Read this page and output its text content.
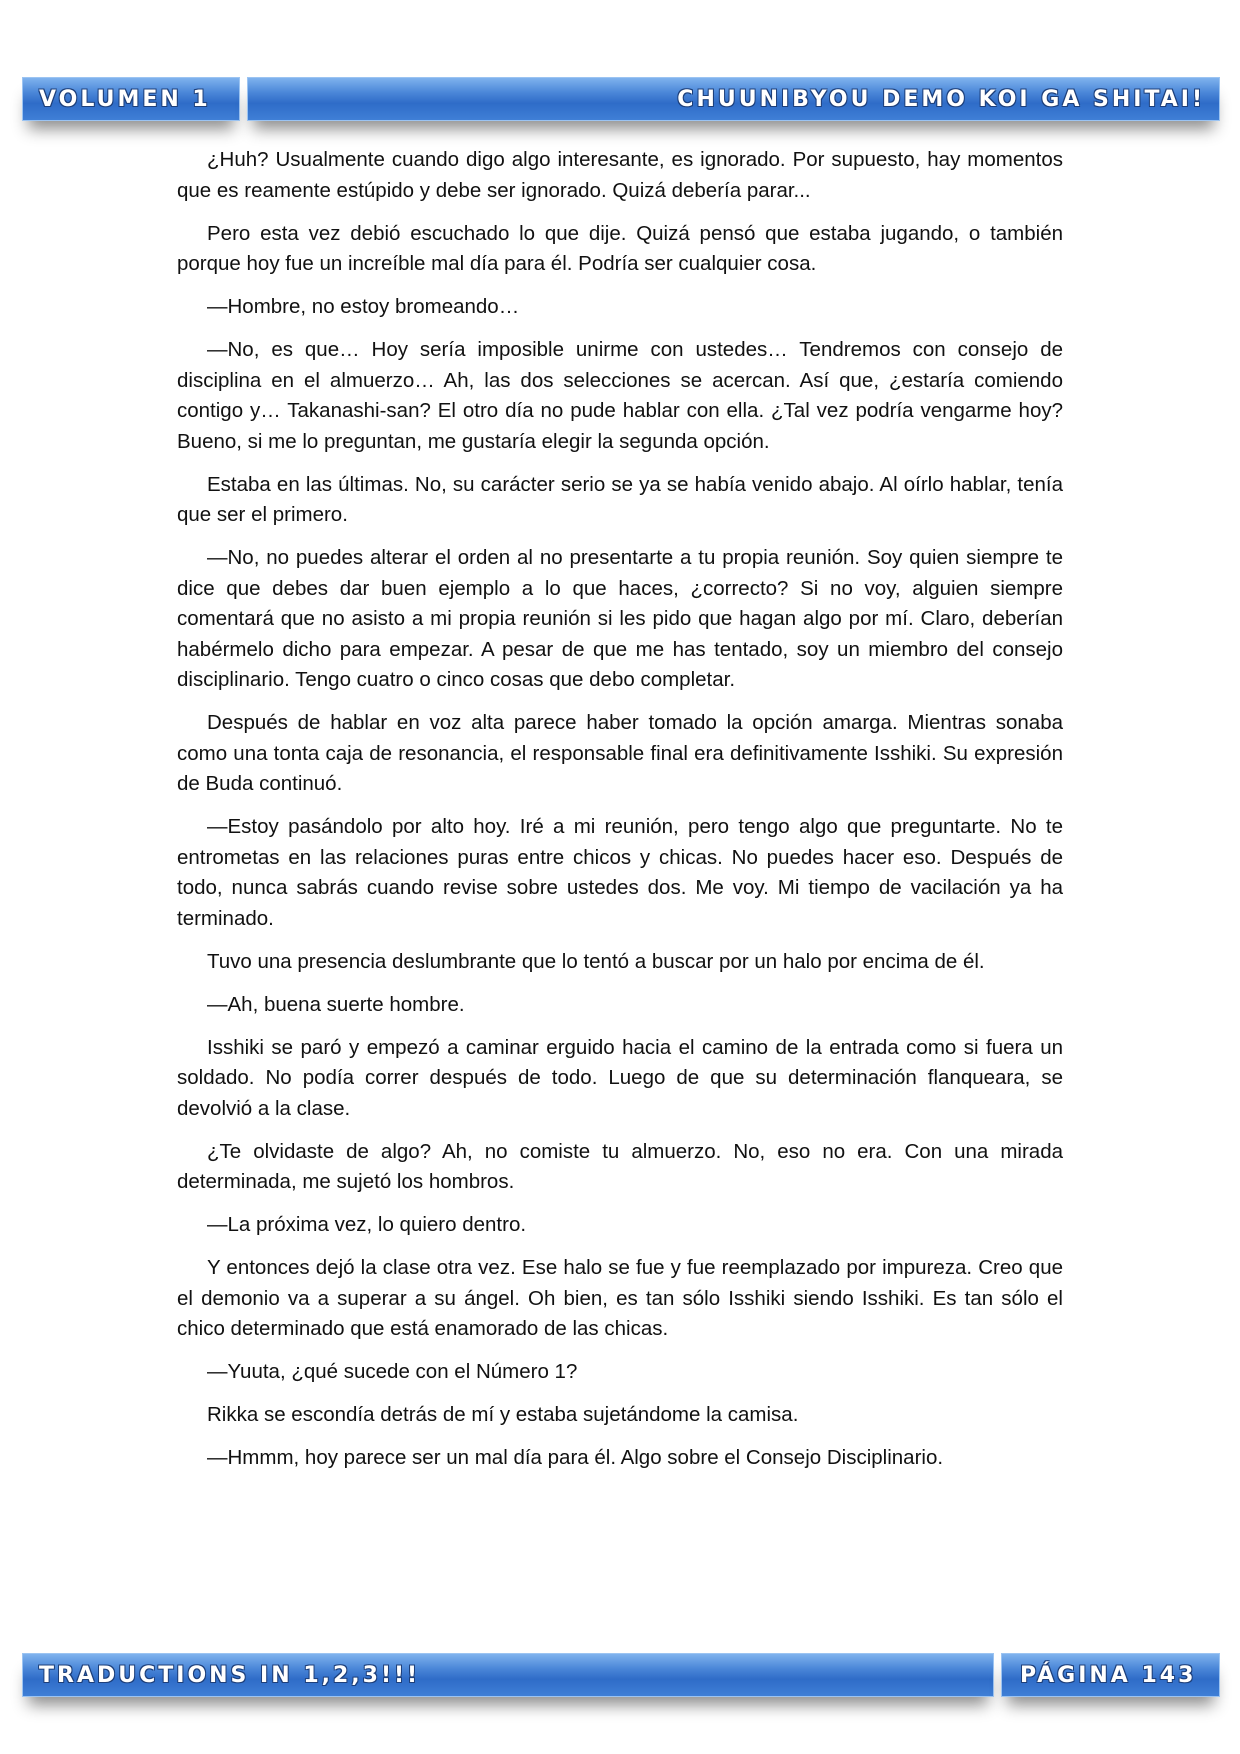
VOLUMEN 1	CHUUNIBYOU DEMO KOI GA SHITAI!

¿Huh? Usualmente cuando digo algo interesante, es ignorado. Por supuesto, hay momentos que es reamente estúpido y debe ser ignorado. Quizá debería parar...

Pero esta vez debió escuchado lo que dije. Quizá pensó que estaba jugando, o también porque hoy fue un increíble mal día para él. Podría ser cualquier cosa.

—Hombre, no estoy bromeando…

—No, es que… Hoy sería imposible unirme con ustedes… Tendremos con consejo de disciplina en el almuerzo… Ah, las dos selecciones se acercan. Así que, ¿estaría comiendo contigo y… Takanashi-san? El otro día no pude hablar con ella. ¿Tal vez podría vengarme hoy? Bueno, si me lo preguntan, me gustaría elegir la segunda opción.

Estaba en las últimas. No, su carácter serio se ya se había venido abajo. Al oírlo hablar, tenía que ser el primero.

—No, no puedes alterar el orden al no presentarte a tu propia reunión. Soy quien siempre te dice que debes dar buen ejemplo a lo que haces, ¿correcto? Si no voy, alguien siempre comentará que no asisto a mi propia reunión si les pido que hagan algo por mí. Claro, deberían habérmelo dicho para empezar. A pesar de que me has tentado, soy un miembro del consejo disciplinario. Tengo cuatro o cinco cosas que debo completar.

Después de hablar en voz alta parece haber tomado la opción amarga. Mientras sonaba como una tonta caja de resonancia, el responsable final era definitivamente Isshiki. Su expresión de Buda continuó.

—Estoy pasándolo por alto hoy. Iré a mi reunión, pero tengo algo que preguntarte. No te entrometas en las relaciones puras entre chicos y chicas. No puedes hacer eso. Después de todo, nunca sabrás cuando revise sobre ustedes dos. Me voy. Mi tiempo de vacilación ya ha terminado.

Tuvo una presencia deslumbrante que lo tentó a buscar por un halo por encima de él.

—Ah, buena suerte hombre.

Isshiki se paró y empezó a caminar erguido hacia el camino de la entrada como si fuera un soldado. No podía correr después de todo. Luego de que su determinación flanqueara, se devolvió a la clase.

¿Te olvidaste de algo? Ah, no comiste tu almuerzo. No, eso no era. Con una mirada determinada, me sujetó los hombros.

—La próxima vez, lo quiero dentro.

Y entonces dejó la clase otra vez. Ese halo se fue y fue reemplazado por impureza. Creo que el demonio va a superar a su ángel. Oh bien, es tan sólo Isshiki siendo Isshiki. Es tan sólo el chico determinado que está enamorado de las chicas.

—Yuuta, ¿qué sucede con el Número 1?

Rikka se escondía detrás de mí y estaba sujetándome la camisa.

—Hmmm, hoy parece ser un mal día para él. Algo sobre el Consejo Disciplinario.

TRADUCTIONS IN 1,2,3!!!	PÁGINA 143
